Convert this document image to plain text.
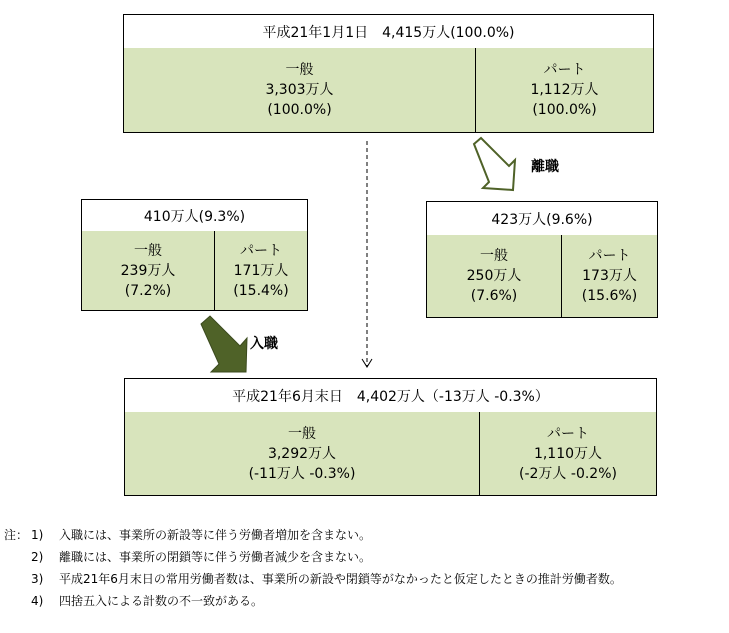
平成21年1月1日　4,415万人(100.0%)
一般
3,303万人
(100.0%)
パート
1,112万人
(100.0%)
410万人(9.3%)
一般
239万人
(7.2%)
パート
171万人
(15.4%)
423万人(9.6%)
一般
250万人
(7.6%)
パート
173万人
(15.6%)
平成21年6月末日　4,402万人（-13万人 -0.3%）
一般
3,292万人
(-11万人 -0.3%)
パート
1,110万人
(-2万人 -0.2%)
離職
入職
注： 1)	入職には、事業所の新設等に伴う労働者増加を含まない。
2)	離職には、事業所の閉鎖等に伴う労働者減少を含まない。
3)	平成21年6月末日の常用労働者数は、事業所の新設や閉鎖等がなかったと仮定したときの推計労働者数。
4)	四捨五入による計数の不一致がある。
